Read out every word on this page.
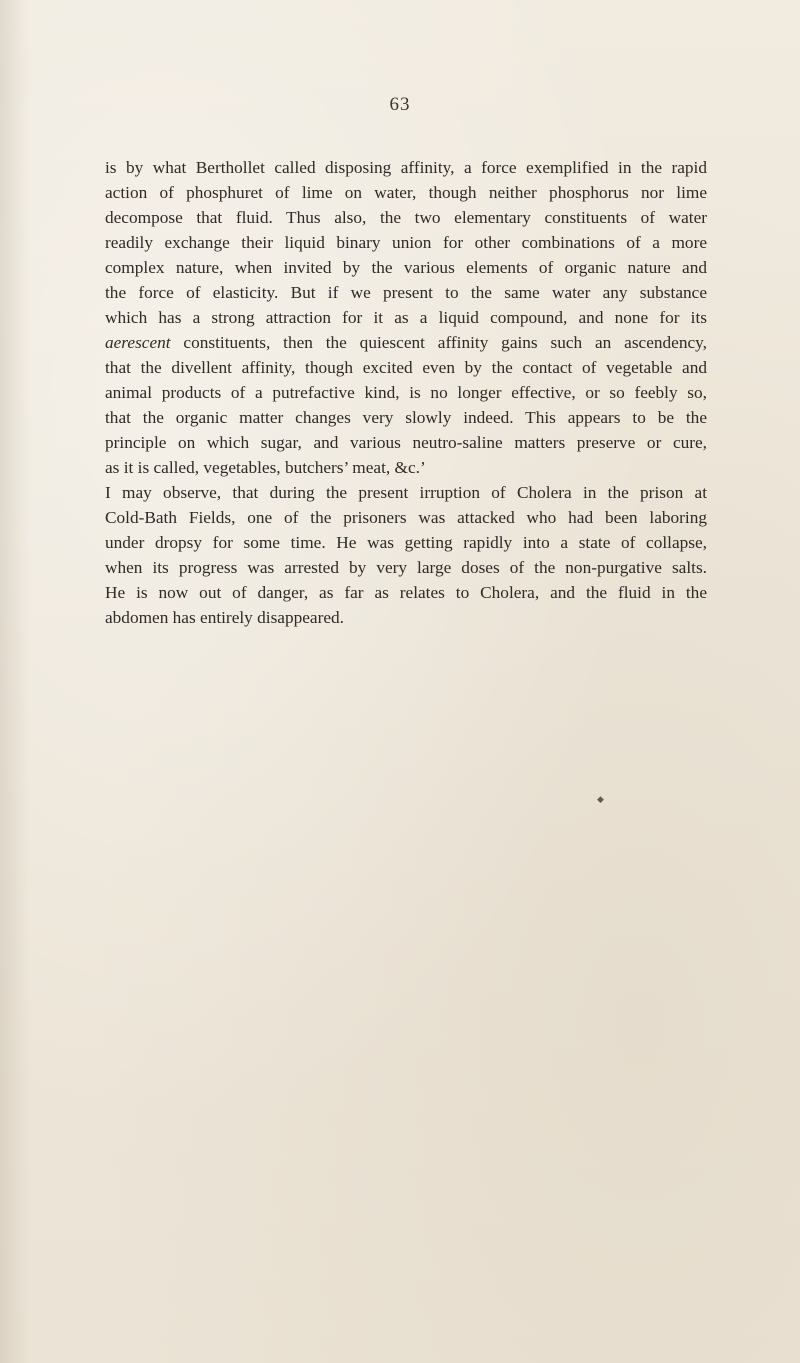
63
is by what Berthollet called disposing affinity, a force exemplified in the rapid
action of phosphuret of lime on water, though neither phosphorus nor lime
decompose that fluid. Thus also, the two elementary constituents of water
readily exchange their liquid binary union for other combinations of a more
complex nature, when invited by the various elements of organic nature and
the force of elasticity. But if we present to the same water any substance
which has a strong attraction for it as a liquid compound, and none for its
aerescent constituents, then the quiescent affinity gains such an ascendency,
that the divellent affinity, though excited even by the contact of vegetable and
animal products of a putrefactive kind, is no longer effective, or so feebly so,
that the organic matter changes very slowly indeed. This appears to be the
principle on which sugar, and various neutro-saline matters preserve or cure,
as it is called, vegetables, butchers’ meat, &c.’
I may observe, that during the present irruption of Cholera in the prison at
Cold-Bath Fields, one of the prisoners was attacked who had been laboring
under dropsy for some time. He was getting rapidly into a state of collapse,
when its progress was arrested by very large doses of the non-purgative salts.
He is now out of danger, as far as relates to Cholera, and the fluid in the
abdomen has entirely disappeared.
◆
